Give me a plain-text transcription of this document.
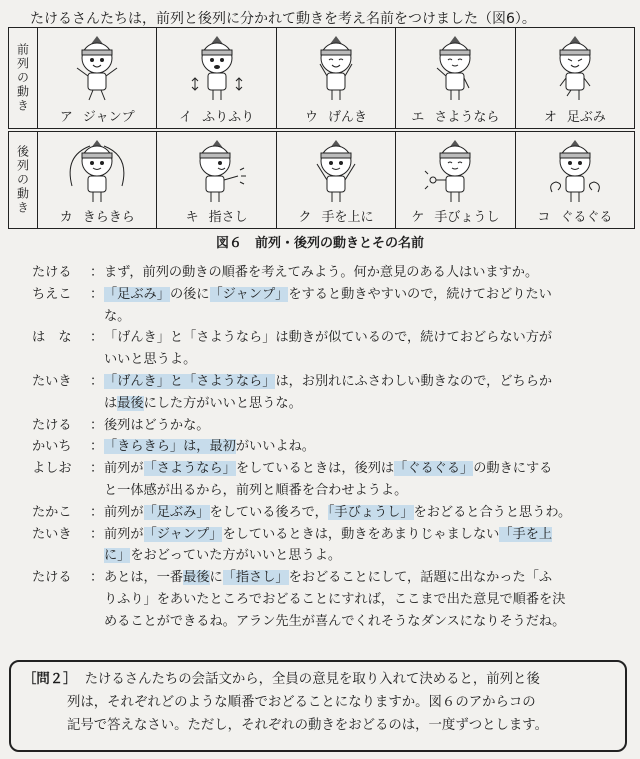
たけるさんたちは，前列と後列に分かれて動きを考え名前をつけました（図6）。
前列の動き
ア ジャンプ	イ ふりふり	ウ げんき	エ さようなら	オ 足ぶみ
後列の動き
カ きらきら	キ 指さし	ク 手を上に	ケ 手びょうし	コ ぐるぐる
図６　前列・後列の動きとその名前
たける	： まず，前列の動きの順番を考えてみよう。何か意見のある人はいますか。
ちえこ	： 「足ぶみ」の後に「ジャンプ」をすると動きやすいので，続けておどりたい
な。
は　な	： 「げんき」と「さようなら」は動きが似ているので，続けておどらない方が
いいと思うよ。
たいき	： 「げんき」と「さようなら」は，お別れにふさわしい動きなので，どちらか
は最後にした方がいいと思うな。
たける	： 後列はどうかな。
かいち	： 「きらきら」は，最初がいいよね。
よしお	： 前列が「さようなら」をしているときは，後列は「ぐるぐる」の動きにする
と一体感が出るから，前列と順番を合わせようよ。
たかこ	： 前列が「足ぶみ」をしている後ろで，「手びょうし」をおどると合うと思うわ。
たいき	： 前列が「ジャンプ」をしているときは，動きをあまりじゃましない「手を上
に」をおどっていた方がいいと思うよ。
たける	： あとは，一番最後に「指さし」をおどることにして，話題に出なかった「ふ
りふり」をあいたところでおどることにすれば，ここまで出た意見で順番を決
めることができるね。アラン先生が喜んでくれそうなダンスになりそうだね。
［問２］ たけるさんたちの会話文から，全員の意見を取り入れて決めると，前列と後
列は，それぞれどのような順番でおどることになりますか。図６のアからコの
記号で答えなさい。ただし，それぞれの動きをおどるのは，一度ずつとします。
